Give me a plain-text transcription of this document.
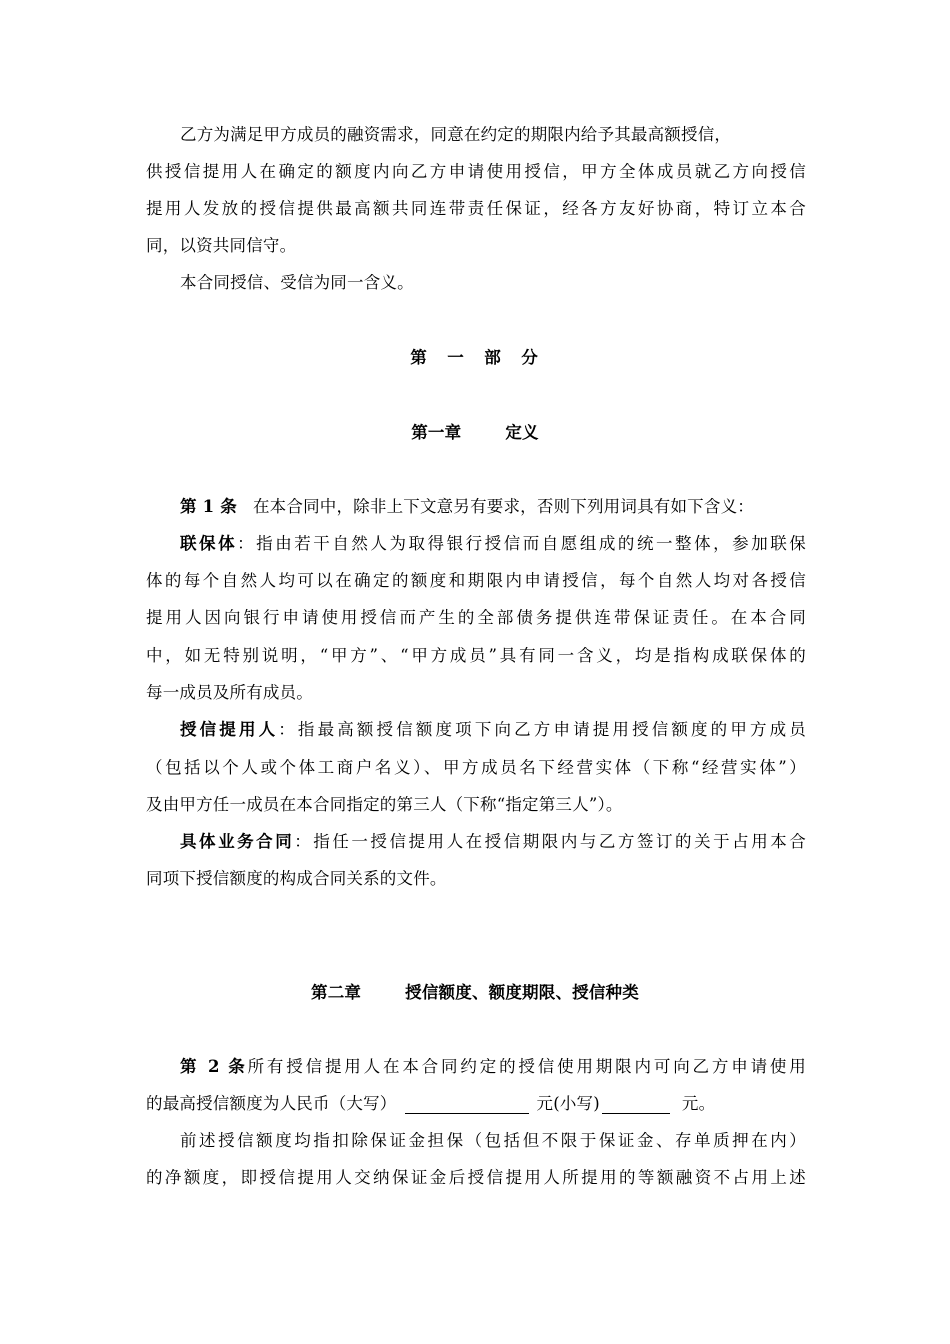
乙方为满足甲方成员的融资需求，同意在约定的期限内给予其最高额授信，
供授信提用人在确定的额度内向乙方申请使用授信，甲方全体成员就乙方向授信
提用人发放的授信提供最高额共同连带责任保证，经各方友好协商，特订立本合
同，以资共同信守。
本合同授信、受信为同一含义。
第　一　部　分
第一章	定义
第 1 条 在本合同中，除非上下文意另有要求，否则下列用词具有如下含义：
联保体：指由若干自然人为取得银行授信而自愿组成的统一整体，参加联保
体的每个自然人均可以在确定的额度和期限内申请授信，每个自然人均对各授信
提用人因向银行申请使用授信而产生的全部债务提供连带保证责任。在本合同
中，如无特别说明，“甲方”、“甲方成员”具有同一含义，均是指构成联保体的
每一成员及所有成员。
授信提用人：指最高额授信额度项下向乙方申请提用授信额度的甲方成员
（包括以个人或个体工商户名义）、甲方成员名下经营实体（下称“经营实体”）
及由甲方任一成员在本合同指定的第三人（下称“指定第三人”）。
具体业务合同：指任一授信提用人在授信期限内与乙方签订的关于占用本合
同项下授信额度的构成合同关系的文件。
第二章	授信额度、额度期限、授信种类
第 2 条所有授信提用人在本合同约定的授信使用期限内可向乙方申请使用
的最高授信额度为人民币（大写）	元(小写)	元。
前述授信额度均指扣除保证金担保（包括但不限于保证金、存单质押在内）
的净额度，即授信提用人交纳保证金后授信提用人所提用的等额融资不占用上述
